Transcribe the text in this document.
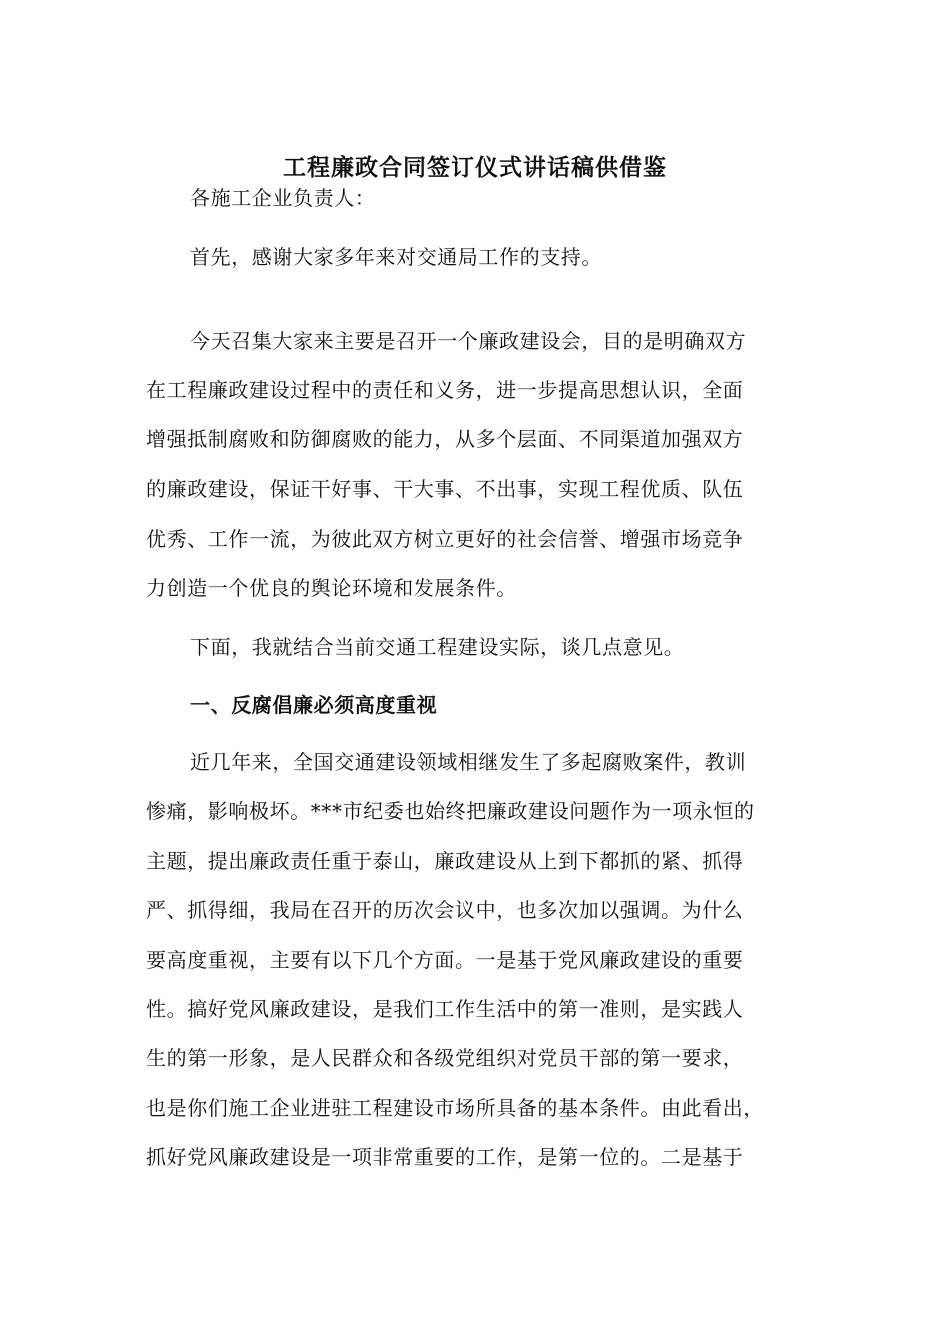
工程廉政合同签订仪式讲话稿供借鉴
各施工企业负责人：
首先，感谢大家多年来对交通局工作的支持。
今天召集大家来主要是召开一个廉政建设会，目的是明确双方
在工程廉政建设过程中的责任和义务，进一步提高思想认识，全面
增强抵制腐败和防御腐败的能力，从多个层面、不同渠道加强双方
的廉政建设，保证干好事、干大事、不出事，实现工程优质、队伍
优秀、工作一流，为彼此双方树立更好的社会信誉、增强市场竞争
力创造一个优良的舆论环境和发展条件。
下面，我就结合当前交通工程建设实际，谈几点意见。
一、反腐倡廉必须高度重视
近几年来，全国交通建设领域相继发生了多起腐败案件，教训
惨痛，影响极坏。***市纪委也始终把廉政建设问题作为一项永恒的
主题，提出廉政责任重于泰山，廉政建设从上到下都抓的紧、抓得
严、抓得细，我局在召开的历次会议中，也多次加以强调。为什么
要高度重视，主要有以下几个方面。一是基于党风廉政建设的重要
性。搞好党风廉政建设，是我们工作生活中的第一准则，是实践人
生的第一形象，是人民群众和各级党组织对党员干部的第一要求，
也是你们施工企业进驻工程建设市场所具备的基本条件。由此看出，
抓好党风廉政建设是一项非常重要的工作，是第一位的。二是基于
